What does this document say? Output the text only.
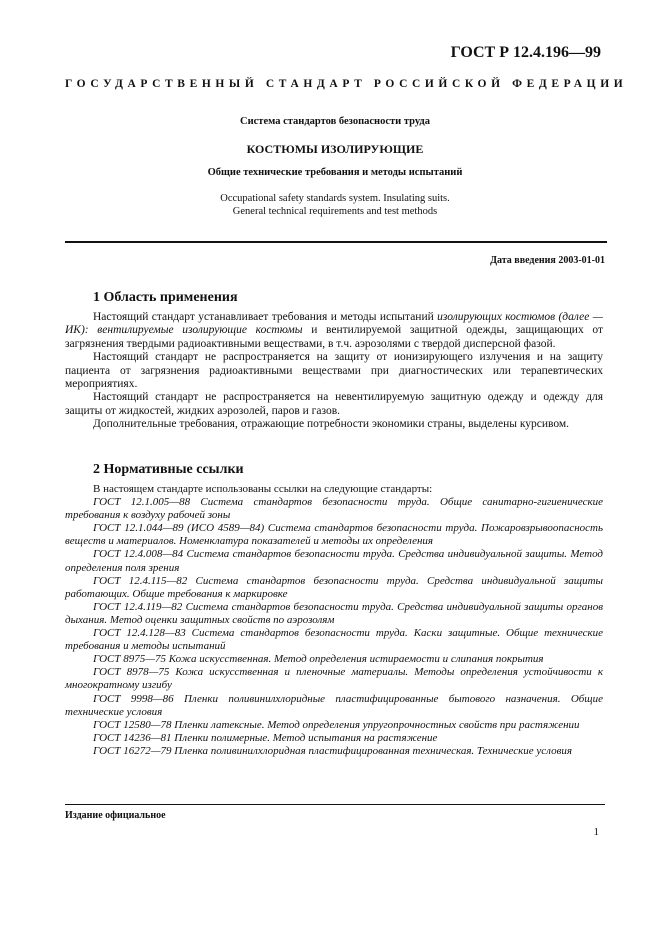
ГОСТ Р 12.4.196—99
ГОСУДАРСТВЕННЫЙ СТАНДАРТ РОССИЙСКОЙ ФЕДЕРАЦИИ
Система стандартов безопасности труда
КОСТЮМЫ ИЗОЛИРУЮЩИЕ
Общие технические требования и методы испытаний
Occupational safety standards system. Insulating suits.
General technical requirements and test methods
Дата введения 2003-01-01
1 Область применения

Настоящий стандарт устанавливает требования и методы испытаний изолирующих костюмов (далее — ИК): вентилируемые изолирующие костюмы и вентилируемой защитной одежды, защищающих от загрязнения твердыми радиоактивными веществами, в т.ч. аэрозолями с твердой дисперсной фазой.

Настоящий стандарт не распространяется на защиту от ионизирующего излучения и на защиту пациента от загрязнения радиоактивными веществами при диагностических или терапевтических мероприятиях.

Настоящий стандарт не распространяется на невентилируемую защитную одежду и одежду для защиты от жидкостей, жидких аэрозолей, паров и газов.

Дополнительные требования, отражающие потребности экономики страны, выделены курсивом.

2 Нормативные ссылки

В настоящем стандарте использованы ссылки на следующие стандарты:

ГОСТ 12.1.005—88 Система стандартов безопасности труда. Общие санитарно-гигиенические требования к воздуху рабочей зоны

ГОСТ 12.1.044—89 (ИСО 4589—84) Система стандартов безопасности труда. Пожаровзрывоопасность веществ и материалов. Номенклатура показателей и методы их определения

ГОСТ 12.4.008—84 Система стандартов безопасности труда. Средства индивидуальной защиты. Метод определения поля зрения

ГОСТ 12.4.115—82 Система стандартов безопасности труда. Средства индивидуальной защиты работающих. Общие требования к маркировке

ГОСТ 12.4.119—82 Система стандартов безопасности труда. Средства индивидуальной защиты органов дыхания. Метод оценки защитных свойств по аэрозолям

ГОСТ 12.4.128—83 Система стандартов безопасности труда. Каски защитные. Общие технические требования и методы испытаний

ГОСТ 8975—75 Кожа искусственная. Метод определения истираемости и слипания покрытия

ГОСТ 8978—75 Кожа искусственная и пленочные материалы. Методы определения устойчивости к многократному изгибу

ГОСТ 9998—86 Пленки поливинилхлоридные пластифицированные бытового назначения. Общие технические условия

ГОСТ 12580—78 Пленки латексные. Метод определения упругопрочностных свойств при растяжении

ГОСТ 14236—81 Пленки полимерные. Метод испытания на растяжение

ГОСТ 16272—79 Пленка поливинилхлоридная пластифицированная техническая. Технические условия

Издание официальное
1
